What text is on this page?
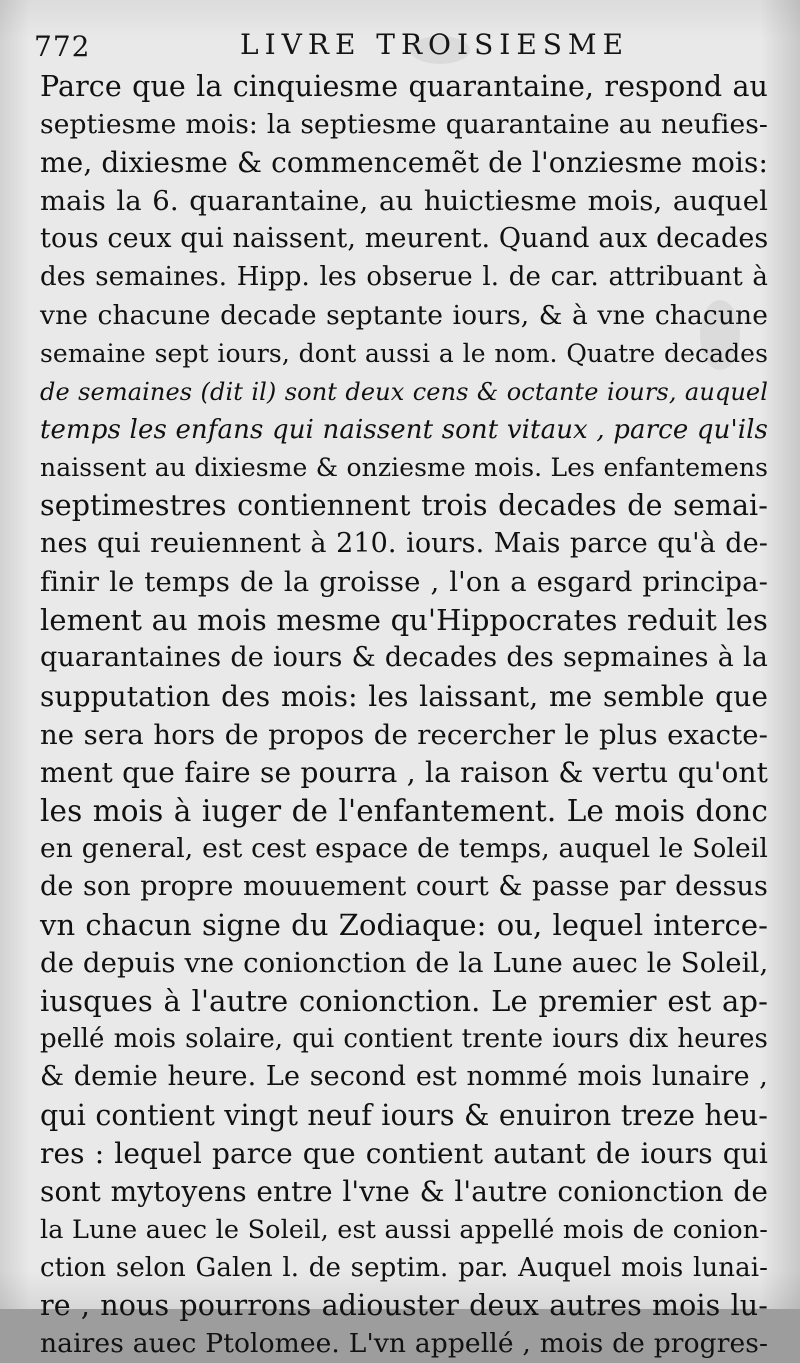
772	LIVRE TROISIESME
Parce que la cinquiesme quarantaine, respond au
septiesme mois: la septiesme quarantaine au neufies-
me, dixiesme & commencemẽt de l'onziesme mois:
mais la 6. quarantaine, au huictiesme mois, auquel
tous ceux qui naissent, meurent. Quand aux decades
des semaines. Hipp. les obserue l. de car. attribuant à
vne chacune decade septante iours, & à vne chacune
semaine sept iours, dont aussi a le nom. Quatre decades
de semaines (dit il) sont deux cens & octante iours, auquel
temps les enfans qui naissent sont vitaux , parce qu'ils
naissent au dixiesme & onziesme mois. Les enfantemens
septimestres contiennent trois decades de semai-
nes qui reuiennent à 210. iours. Mais parce qu'à de-
finir le temps de la groisse , l'on a esgard principa-
lement au mois mesme qu'Hippocrates reduit les
quarantaines de iours & decades des sepmaines à la
supputation des mois: les laissant, me semble que
ne sera hors de propos de recercher le plus exacte-
ment que faire se pourra , la raison & vertu qu'ont
les mois à iuger de l'enfantement. Le mois donc
en general, est cest espace de temps, auquel le Soleil
de son propre mouuement court & passe par dessus
vn chacun signe du Zodiaque: ou, lequel interce-
de depuis vne conionction de la Lune auec le Soleil,
iusques à l'autre conionction. Le premier est ap-
pellé mois solaire, qui contient trente iours dix heures
& demie heure. Le second est nommé mois lunaire ,
qui contient vingt neuf iours & enuiron treze heu-
res : lequel parce que contient autant de iours qui
sont mytoyens entre l'vne & l'autre conionction de
la Lune auec le Soleil, est aussi appellé mois de conion-
ction selon Galen l. de septim. par. Auquel mois lunai-
re , nous pourrons adiouster deux autres mois lu-
naires auec Ptolomee. L'vn appellé , mois de progres-
